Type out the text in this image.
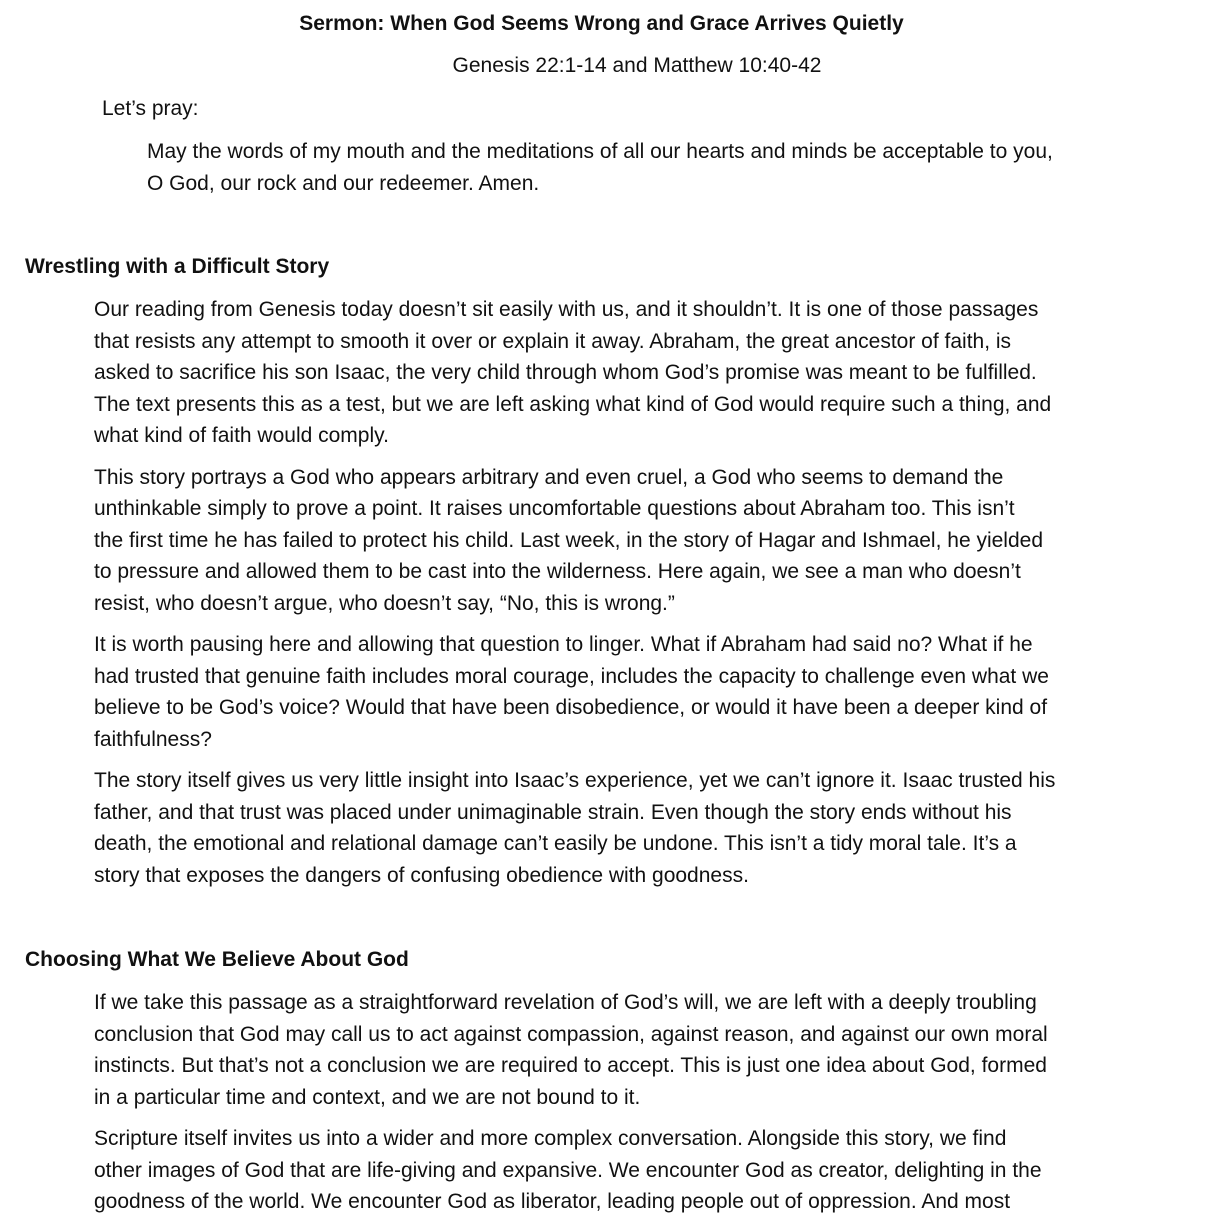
Sermon: When God Seems Wrong and Grace Arrives Quietly
Genesis 22:1-14 and Matthew 10:40-42
Let’s pray:
May the words of my mouth and the meditations of all our hearts and minds be acceptable to you,
O God, our rock and our redeemer. Amen.
Wrestling with a Difficult Story
Our reading from Genesis today doesn’t sit easily with us, and it shouldn’t. It is one of those passages
that resists any attempt to smooth it over or explain it away. Abraham, the great ancestor of faith, is
asked to sacrifice his son Isaac, the very child through whom God’s promise was meant to be fulfilled.
The text presents this as a test, but we are left asking what kind of God would require such a thing, and
what kind of faith would comply.
This story portrays a God who appears arbitrary and even cruel, a God who seems to demand the
unthinkable simply to prove a point. It raises uncomfortable questions about Abraham too. This isn’t
the first time he has failed to protect his child. Last week, in the story of Hagar and Ishmael, he yielded
to pressure and allowed them to be cast into the wilderness. Here again, we see a man who doesn’t
resist, who doesn’t argue, who doesn’t say, “No, this is wrong.”
It is worth pausing here and allowing that question to linger. What if Abraham had said no? What if he
had trusted that genuine faith includes moral courage, includes the capacity to challenge even what we
believe to be God’s voice? Would that have been disobedience, or would it have been a deeper kind of
faithfulness?
The story itself gives us very little insight into Isaac’s experience, yet we can’t ignore it. Isaac trusted his
father, and that trust was placed under unimaginable strain. Even though the story ends without his
death, the emotional and relational damage can’t easily be undone. This isn’t a tidy moral tale. It’s a
story that exposes the dangers of confusing obedience with goodness.
Choosing What We Believe About God
If we take this passage as a straightforward revelation of God’s will, we are left with a deeply troubling
conclusion that God may call us to act against compassion, against reason, and against our own moral
instincts. But that’s not a conclusion we are required to accept. This is just one idea about God, formed
in a particular time and context, and we are not bound to it.
Scripture itself invites us into a wider and more complex conversation. Alongside this story, we find
other images of God that are life-giving and expansive. We encounter God as creator, delighting in the
goodness of the world. We encounter God as liberator, leading people out of oppression. And most
